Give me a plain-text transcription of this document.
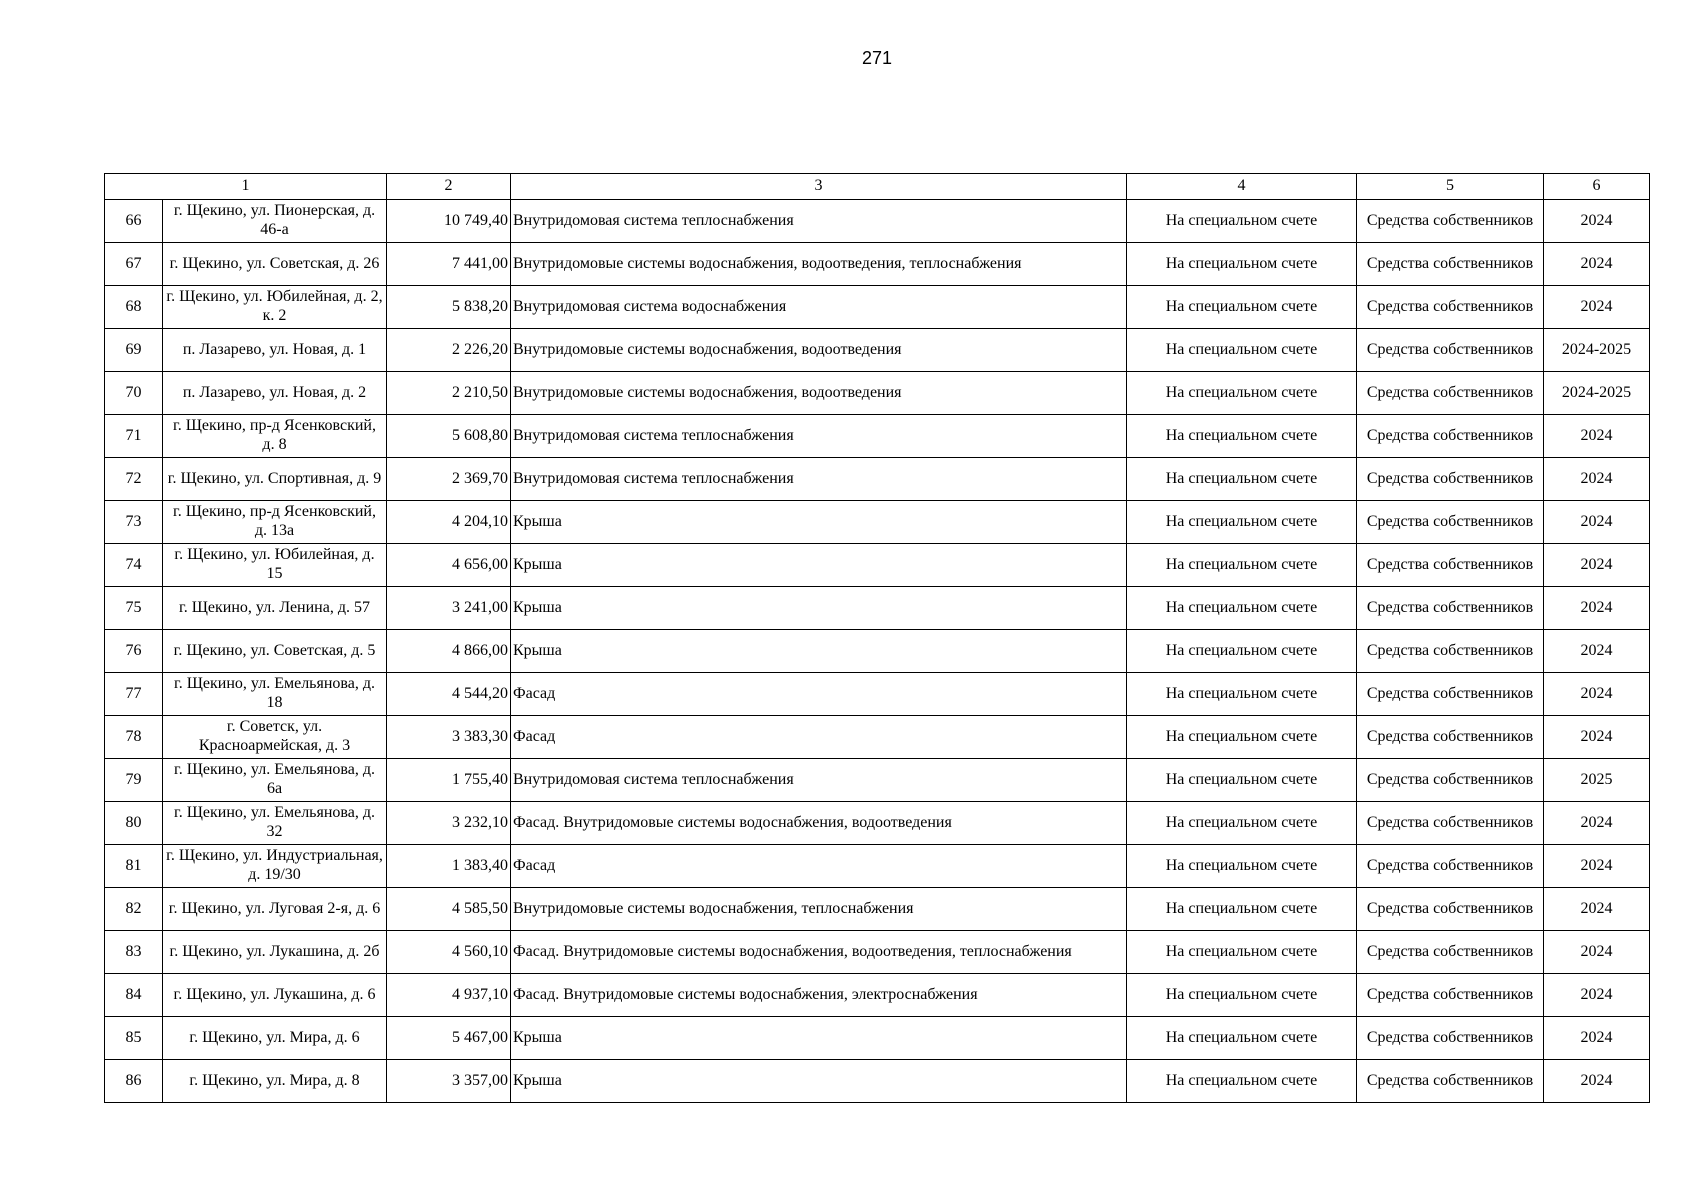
271
1		2	3	4	5	6
66	г. Щекино, ул. Пионерская, д. 46-а	10 749,40	Внутридомовая система теплоснабжения	На специальном счете	Средства собственников	2024
67	г. Щекино, ул. Советская, д. 26	7 441,00	Внутридомовые системы водоснабжения, водоотведения, теплоснабжения	На специальном счете	Средства собственников	2024
68	г. Щекино, ул. Юбилейная, д. 2, к. 2	5 838,20	Внутридомовая система водоснабжения	На специальном счете	Средства собственников	2024
69	п. Лазарево, ул. Новая, д. 1	2 226,20	Внутридомовые системы водоснабжения, водоотведения	На специальном счете	Средства собственников	2024-2025
70	п. Лазарево, ул. Новая, д. 2	2 210,50	Внутридомовые системы водоснабжения, водоотведения	На специальном счете	Средства собственников	2024-2025
71	г. Щекино, пр-д Ясенковский, д. 8	5 608,80	Внутридомовая система теплоснабжения	На специальном счете	Средства собственников	2024
72	г. Щекино, ул. Спортивная, д. 9	2 369,70	Внутридомовая система теплоснабжения	На специальном счете	Средства собственников	2024
73	г. Щекино, пр-д Ясенковский, д. 13а	4 204,10	Крыша	На специальном счете	Средства собственников	2024
74	г. Щекино, ул. Юбилейная, д. 15	4 656,00	Крыша	На специальном счете	Средства собственников	2024
75	г. Щекино, ул. Ленина, д. 57	3 241,00	Крыша	На специальном счете	Средства собственников	2024
76	г. Щекино, ул. Советская, д. 5	4 866,00	Крыша	На специальном счете	Средства собственников	2024
77	г. Щекино, ул. Емельянова, д. 18	4 544,20	Фасад	На специальном счете	Средства собственников	2024
78	г. Советск, ул. Красноармейская, д. 3	3 383,30	Фасад	На специальном счете	Средства собственников	2024
79	г. Щекино, ул. Емельянова, д. 6а	1 755,40	Внутридомовая система теплоснабжения	На специальном счете	Средства собственников	2025
80	г. Щекино, ул. Емельянова, д. 32	3 232,10	Фасад. Внутридомовые системы водоснабжения, водоотведения	На специальном счете	Средства собственников	2024
81	г. Щекино, ул. Индустриальная, д. 19/30	1 383,40	Фасад	На специальном счете	Средства собственников	2024
82	г. Щекино, ул. Луговая 2-я, д. 6	4 585,50	Внутридомовые системы водоснабжения, теплоснабжения	На специальном счете	Средства собственников	2024
83	г. Щекино, ул. Лукашина, д. 2б	4 560,10	Фасад. Внутридомовые системы водоснабжения, водоотведения, теплоснабжения	На специальном счете	Средства собственников	2024
84	г. Щекино, ул. Лукашина, д. 6	4 937,10	Фасад. Внутридомовые системы водоснабжения, электроснабжения	На специальном счете	Средства собственников	2024
85	г. Щекино, ул. Мира, д. 6	5 467,00	Крыша	На специальном счете	Средства собственников	2024
86	г. Щекино, ул. Мира, д. 8	3 357,00	Крыша	На специальном счете	Средства собственников	2024
